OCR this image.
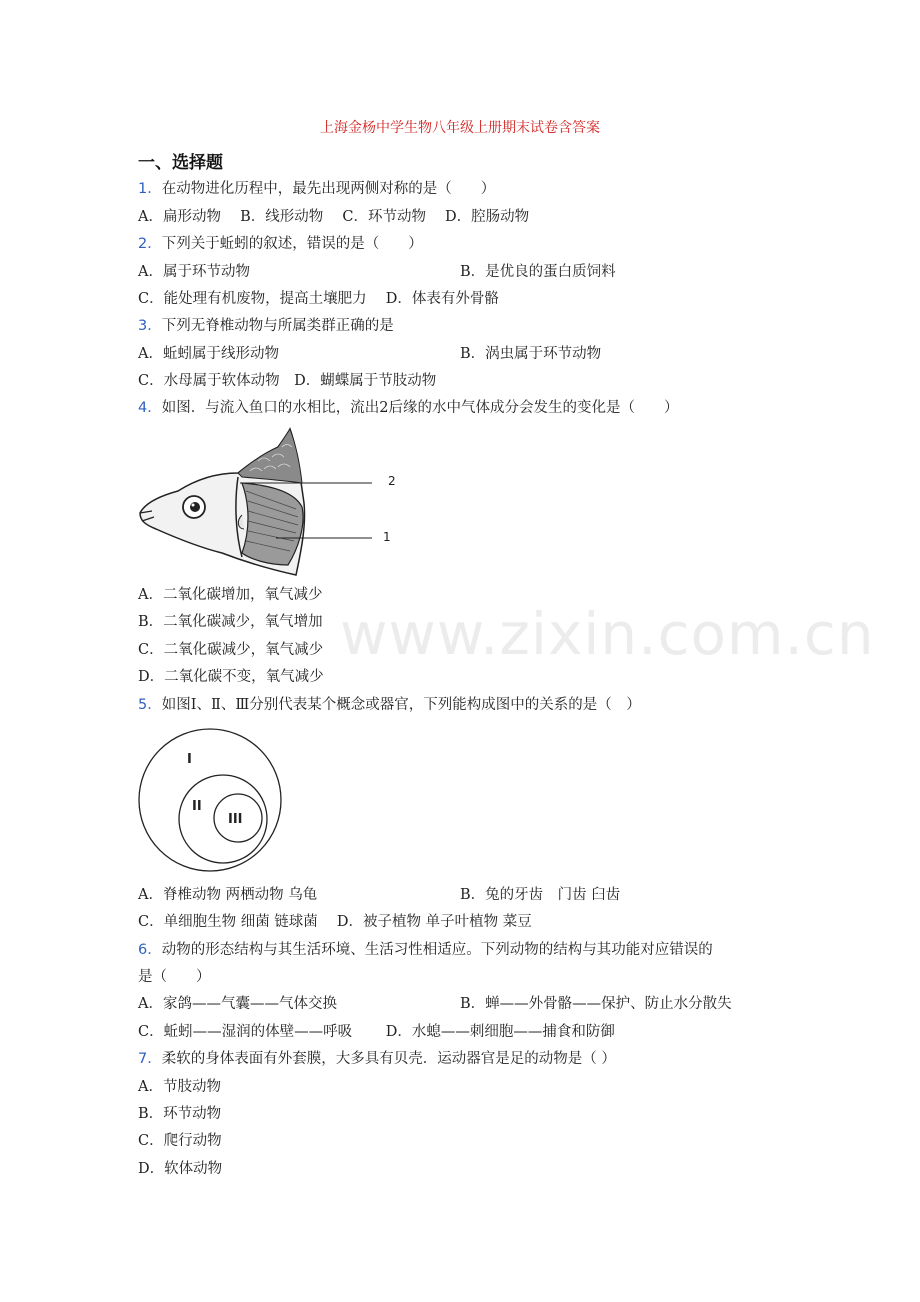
www.zixin.com.cn
上海金杨中学生物八年级上册期末试卷含答案
一、选择题
1．在动物进化历程中，最先出现两侧对称的是（　　）
A．扁形动物　 B．线形动物　 C．环节动物　 D．腔肠动物
2．下列关于蚯蚓的叙述，错误的是（　　）
A．属于环节动物	B．是优良的蛋白质饲料
C．能处理有机废物，提高土壤肥力　 D．体表有外骨骼
3．下列无脊椎动物与所属类群正确的是
A．蚯蚓属于线形动物	B．涡虫属于环节动物
C．水母属于软体动物　D．蝴蝶属于节肢动物
4．如图．与流入鱼口的水相比，流出2后缘的水中气体成分会发生的变化是（　　）
2
1
A．二氧化碳增加，氧气减少
B．二氧化碳减少，氧气增加
C．二氧化碳减少，氧气减少
D．二氧化碳不变，氧气减少
5．如图Ⅰ、Ⅱ、Ⅲ分别代表某个概念或器官，下列能构成图中的关系的是（　）
I
II
III
A．脊椎动物 两栖动物 乌龟	B．兔的牙齿　门齿 臼齿
C．单细胞生物 细菌 链球菌　 D．被子植物 单子叶植物 菜豆
6．动物的形态结构与其生活环境、生活习性相适应。下列动物的结构与其功能对应错误的
是（　　）
A．家鸽——气囊——气体交换	B．蝉——外骨骼——保护、防止水分散失
C．蚯蚓——湿润的体壁——呼吸　　 D．水螅——刺细胞——捕食和防御
7．柔软的身体表面有外套膜，大多具有贝壳．运动器官是足的动物是（ ）
A．节肢动物
B．环节动物
C．爬行动物
D．软体动物
